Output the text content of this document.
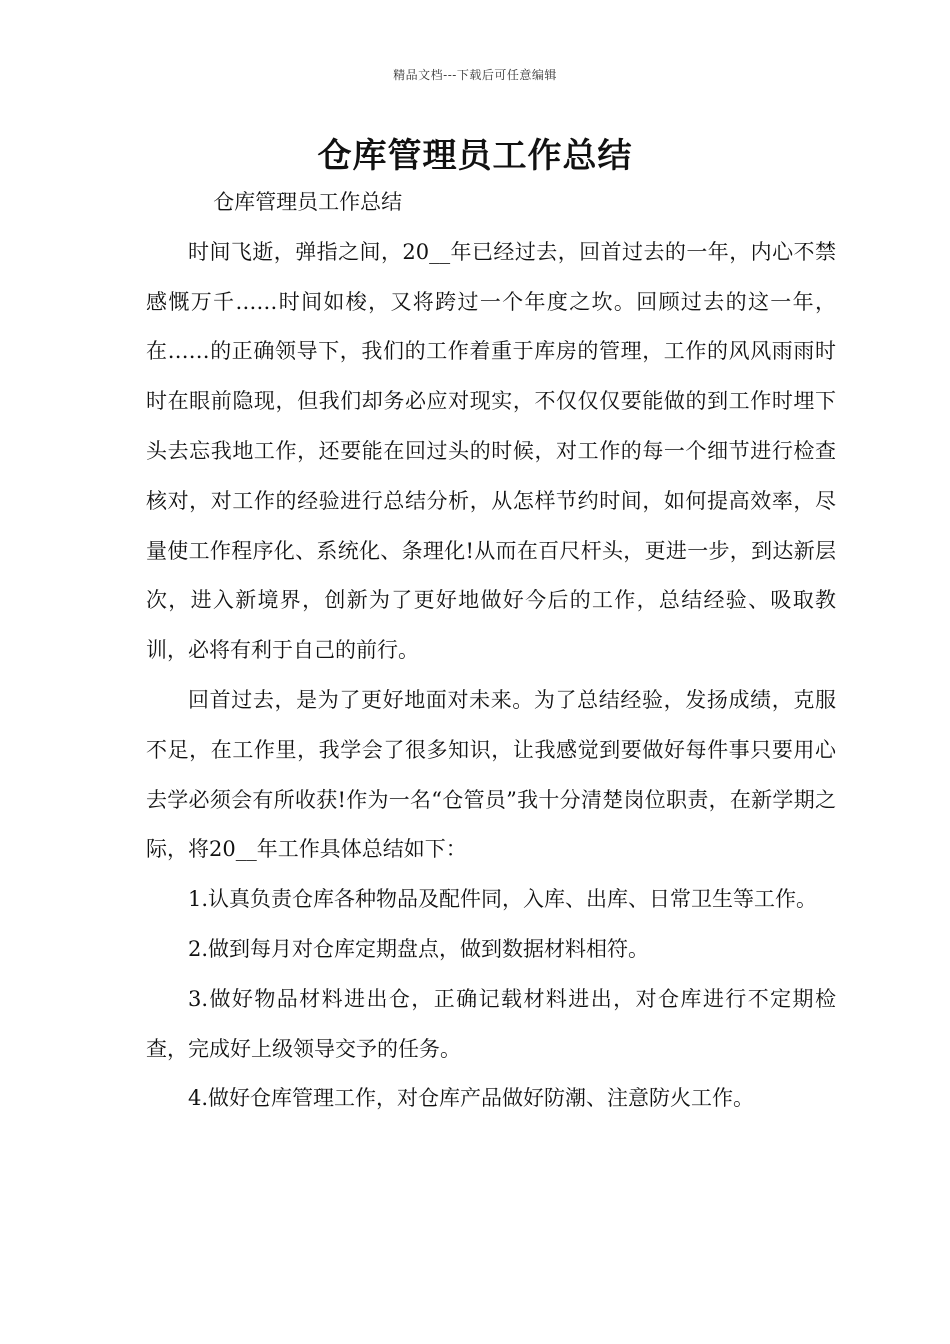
精品文档---下载后可任意编辑
仓库管理员工作总结

仓库管理员工作总结

时间飞逝，弹指之间，20__年已经过去，回首过去的一年，内心不禁感慨万千……时间如梭，又将跨过一个年度之坎。回顾过去的这一年，在……的正确领导下，我们的工作着重于库房的管理，工作的风风雨雨时时在眼前隐现，但我们却务必应对现实，不仅仅仅要能做的到工作时埋下头去忘我地工作，还要能在回过头的时候，对工作的每一个细节进行检查核对，对工作的经验进行总结分析，从怎样节约时间，如何提高效率，尽量使工作程序化、系统化、条理化!从而在百尺杆头，更进一步，到达新层次，进入新境界，创新为了更好地做好今后的工作，总结经验、吸取教训，必将有利于自己的前行。

回首过去，是为了更好地面对未来。为了总结经验，发扬成绩，克服不足，在工作里，我学会了很多知识，让我感觉到要做好每件事只要用心去学必须会有所收获!作为一名“仓管员”我十分清楚岗位职责，在新学期之际，将20__年工作具体总结如下：

1.认真负责仓库各种物品及配件同，入库、出库、日常卫生等工作。

2.做到每月对仓库定期盘点，做到数据材料相符。

3.做好物品材料进出仓，正确记载材料进出，对仓库进行不定期检查，完成好上级领导交予的任务。

4.做好仓库管理工作，对仓库产品做好防潮、注意防火工作。
